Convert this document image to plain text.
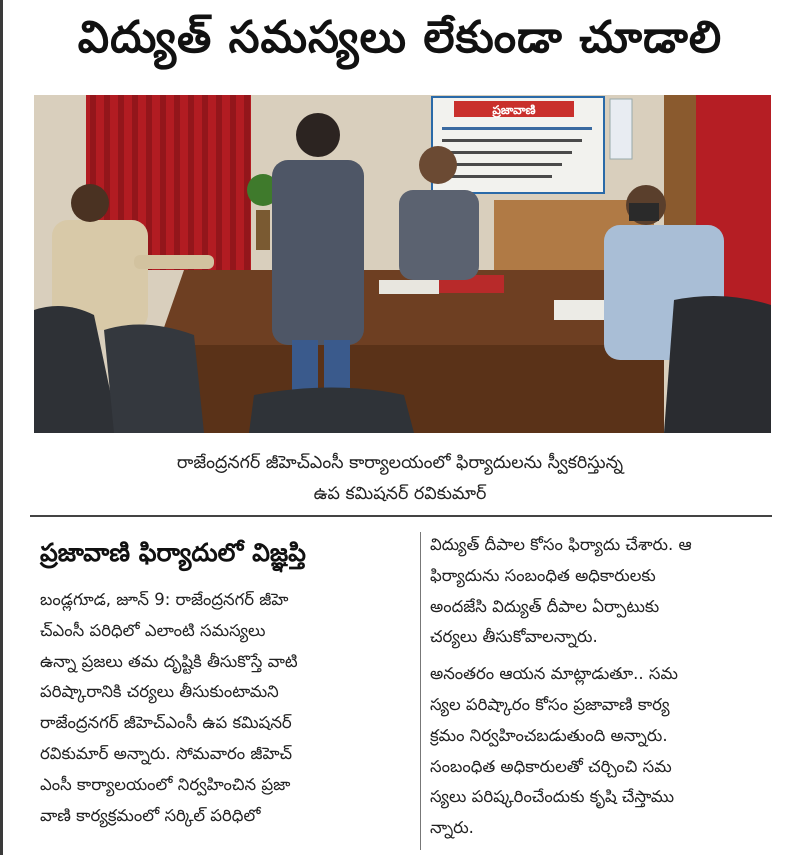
విద్యుత్ సమస్యలు లేకుండా చూడాలి
ప్రజావాణి
రాజేంద్రనగర్ జీహెచ్ఎంసీ కార్యాలయంలో ఫిర్యాదులను స్వీకరిస్తున్న
ఉప కమిషనర్ రవికుమార్
ప్రజావాణి ఫిర్యాదులో విజ్ఞప్తి
బండ్లగూడ, జూన్ 9: రాజేంద్రనగర్ జీహె
చ్ఎంసీ పరిధిలో ఎలాంటి సమస్యలు
ఉన్నా ప్రజలు తమ దృష్టికి తీసుకొస్తే వాటి
పరిష్కారానికి చర్యలు తీసుకుంటామని
రాజేంద్రనగర్ జీహెచ్ఎంసీ ఉప కమిషనర్
రవికుమార్ అన్నారు. సోమవారం జీహెచ్
ఎంసీ కార్యాలయంలో నిర్వహించిన ప్రజా
వాణి కార్యక్రమంలో సర్కిల్ పరిధిలో
విద్యుత్ దీపాల కోసం ఫిర్యాదు చేశారు. ఆ
ఫిర్యాదును సంబంధిత అధికారులకు
అందజేసి విద్యుత్ దీపాల ఏర్పాటుకు
చర్యలు తీసుకోవాలన్నారు.
అనంతరం ఆయన మాట్లాడుతూ.. సమ
స్యల పరిష్కారం కోసం ప్రజావాణి కార్య
క్రమం నిర్వహించబడుతుంది అన్నారు.
సంబంధిత అధికారులతో చర్చించి సమ
స్యలు పరిష్కరించేందుకు కృషి చేస్తాము
న్నారు.
